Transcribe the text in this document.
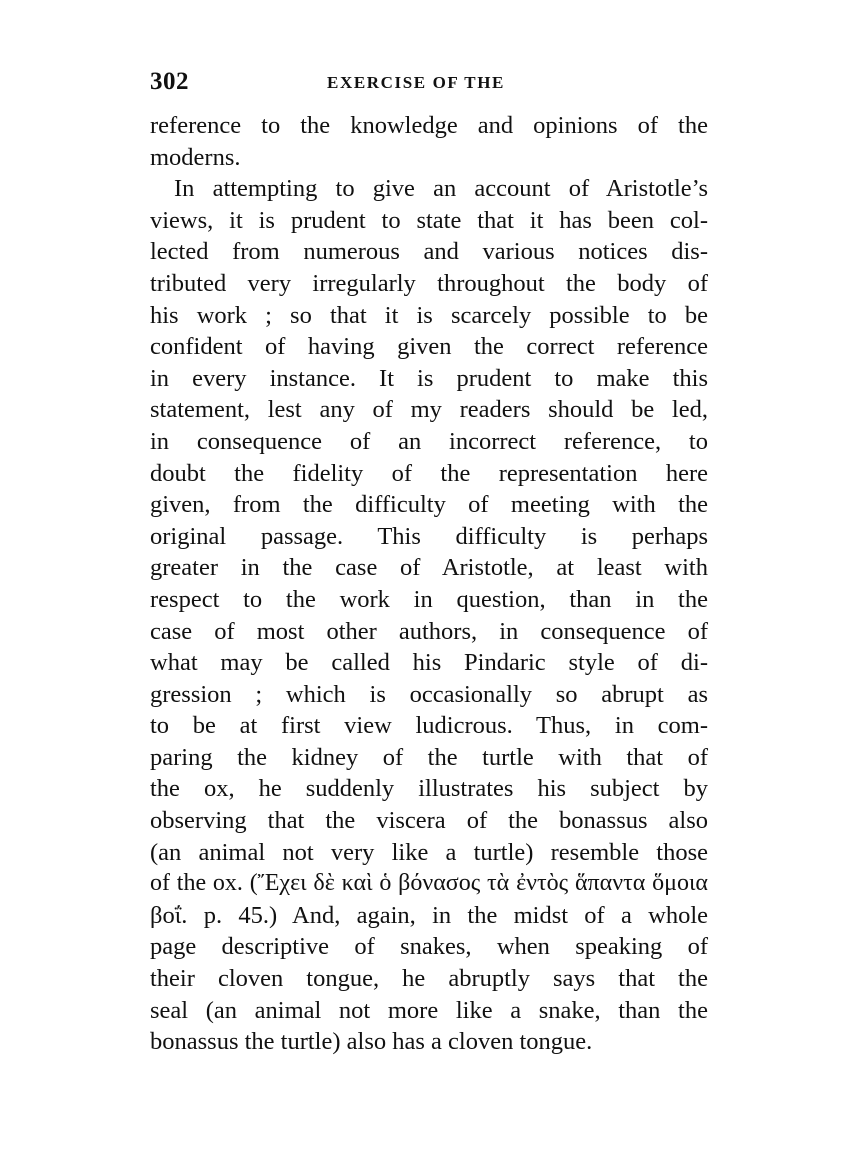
302	EXERCISE OF THE
reference to the knowledge and opinions of the
moderns.
In attempting to give an account of Aristotle’s
views, it is prudent to state that it has been col-
lected from numerous and various notices dis-
tributed very irregularly throughout the body of
his work ; so that it is scarcely possible to be
confident of having given the correct reference
in every instance. It is prudent to make this
statement, lest any of my readers should be led,
in consequence of an incorrect reference, to
doubt the fidelity of the representation here
given, from the difficulty of meeting with the
original passage. This difficulty is perhaps
greater in the case of Aristotle, at least with
respect to the work in question, than in the
case of most other authors, in consequence of
what may be called his Pindaric style of di-
gression ; which is occasionally so abrupt as
to be at first view ludicrous. Thus, in com-
paring the kidney of the turtle with that of
the ox, he suddenly illustrates his subject by
observing that the viscera of the bonassus also
(an animal not very like a turtle) resemble those
of the ox. (Ἔχει δὲ καὶ ὁ βόνασος τὰ ἐντὸς ἅπαντα ὅμοια
βοΐ. p. 45.) And, again, in the midst of a whole
page descriptive of snakes, when speaking of
their cloven tongue, he abruptly says that the
seal (an animal not more like a snake, than the
bonassus the turtle) also has a cloven tongue.
